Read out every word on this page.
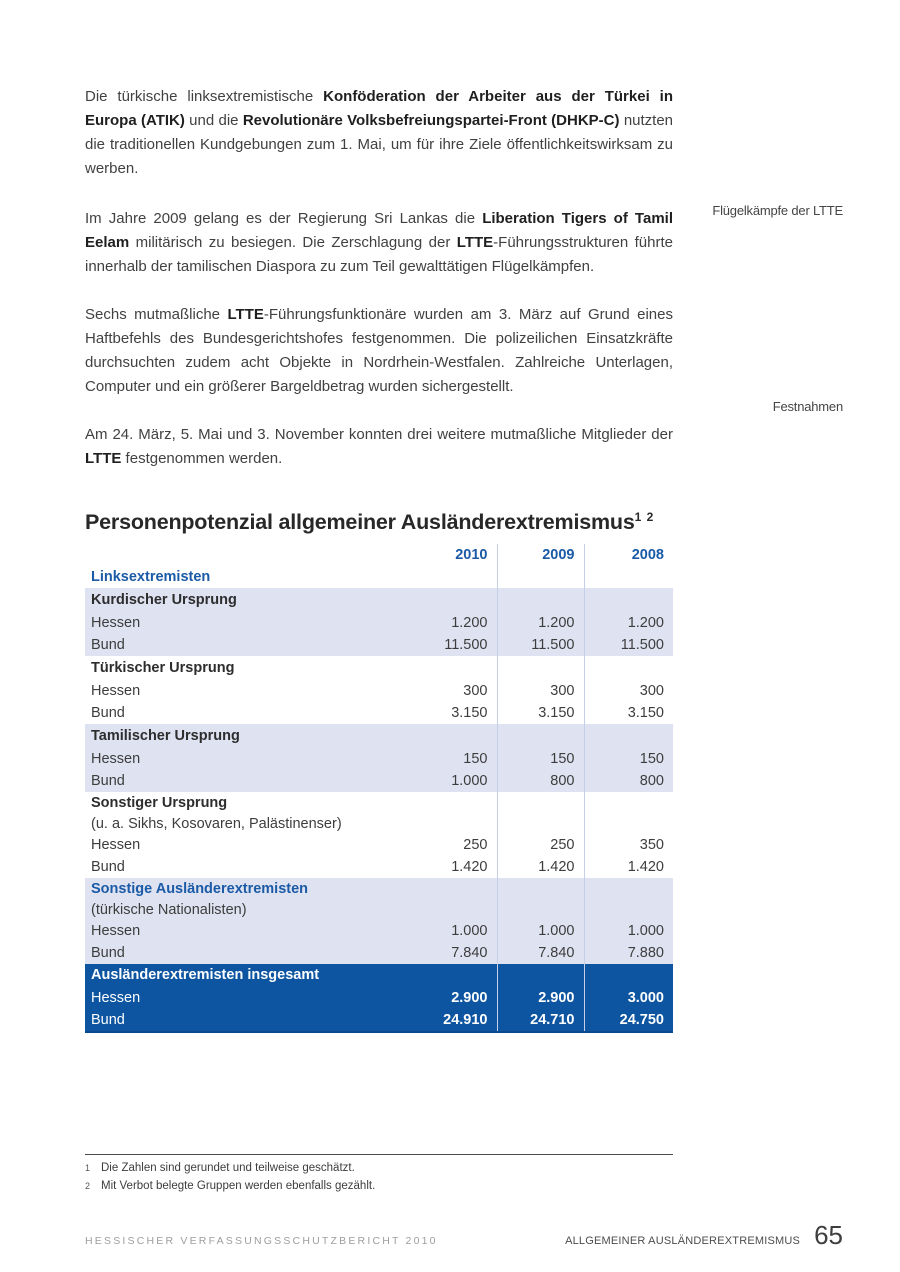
Die türkische linksextremistische Konföderation der Arbeiter aus der Türkei in Europa (ATIK) und die Revolutionäre Volksbefreiungspartei-Front (DHKP-C) nutzten die traditionellen Kundgebungen zum 1. Mai, um für ihre Ziele öffentlichkeitswirksam zu werben.

Im Jahre 2009 gelang es der Regierung Sri Lankas die Liberation Tigers of Tamil Eelam militärisch zu besiegen. Die Zerschlagung der LTTE-Führungsstrukturen führte innerhalb der tamilischen Diaspora zu zum Teil gewalttätigen Flügelkämpfen.

Sechs mutmaßliche LTTE-Führungsfunktionäre wurden am 3. März auf Grund eines Haftbefehls des Bundesgerichtshofes festgenommen. Die polizeilichen Einsatzkräfte durchsuchten zudem acht Objekte in Nordrhein-Westfalen. Zahlreiche Unterlagen, Computer und ein größerer Bargeldbetrag wurden sichergestellt.

Am 24. März, 5. Mai und 3. November konnten drei weitere mutmaßliche Mitglieder der LTTE festgenommen werden.

Personenpotenzial allgemeiner Ausländerextremismus$^{1 2}$
	2010	2009	2008
Linksextremisten			
Kurdischer Ursprung			
Hessen	1.200	1.200	1.200
Bund	11.500	11.500	11.500
Türkischer Ursprung			
Hessen	300	300	300
Bund	3.150	3.150	3.150
Tamilischer Ursprung			
Hessen	150	150	150
Bund	1.000	800	800
Sonstiger Ursprung			
(u. a. Sikhs, Kosovaren, Palästinenser)			
Hessen	250	250	350
Bund	1.420	1.420	1.420
Sonstige Ausländerextremisten			
(türkische Nationalisten)			
Hessen	1.000	1.000	1.000
Bund	7.840	7.840	7.880
Ausländerextremisten insgesamt			
Hessen	2.900	2.900	3.000
Bund	24.910	24.710	24.750
Flügelkämpfe der LTTE
Festnahmen
1 Die Zahlen sind gerundet und teilweise geschätzt.
2 Mit Verbot belegte Gruppen werden ebenfalls gezählt.
HESSISCHER VERFASSUNGSSCHUTZBERICHT 2010	ALLGEMEINER AUSLÄNDEREXTREMISMUS 65
